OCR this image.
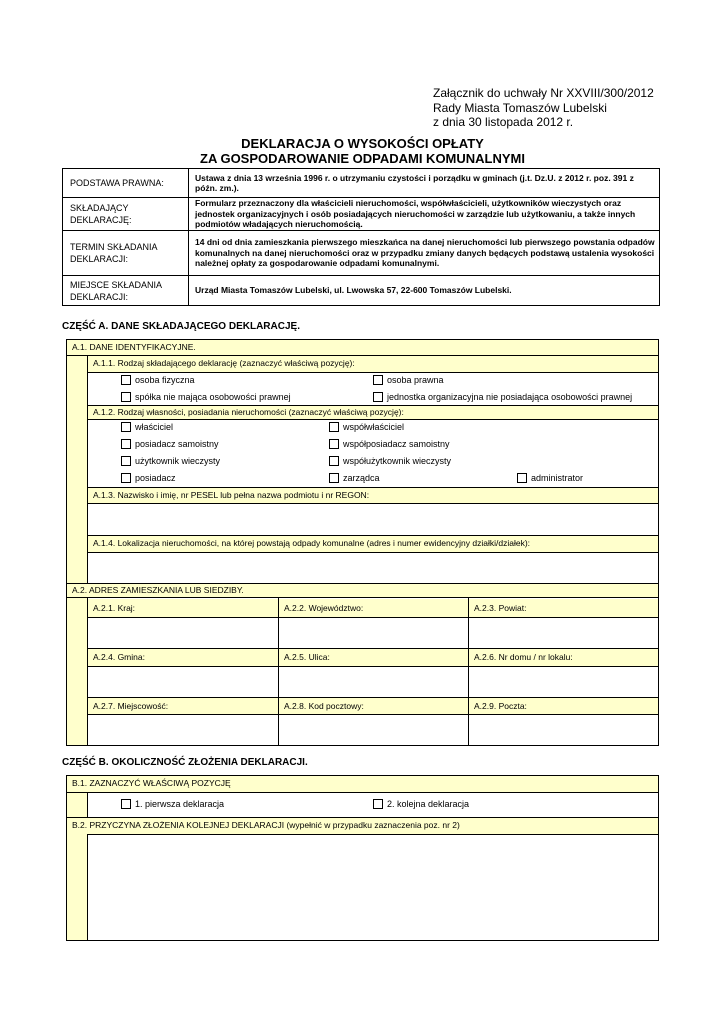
Załącznik do uchwały Nr XXVIII/300/2012
Rady Miasta Tomaszów Lubelski
z dnia 30 listopada 2012 r.
DEKLARACJA O WYSOKOŚCI OPŁATY
ZA GOSPODAROWANIE ODPADAMI KOMUNALNYMI
PODSTAWA PRAWNA:	Ustawa z dnia 13 września 1996 r. o utrzymaniu czystości i porządku w gminach (j.t. Dz.U. z 2012 r. poz. 391 z późn. zm.).

SKŁADAJĄCY
DEKLARACJĘ:	Formularz przeznaczony dla właścicieli nieruchomości, współwłaścicieli, użytkowników wieczystych oraz jednostek organizacyjnych i osób posiadających nieruchomości w zarządzie lub użytkowaniu, a także innych podmiotów władających nieruchomością.

TERMIN SKŁADANIA
DEKLARACJI:	14 dni od dnia zamieszkania pierwszego mieszkańca na danej nieruchomości lub pierwszego powstania odpadów komunalnych na danej nieruchomości oraz w przypadku zmiany danych będących podstawą ustalenia wysokości należnej opłaty za gospodarowanie odpadami komunalnymi.

MIEJSCE SKŁADANIA
DEKLARACJI:	Urząd Miasta Tomaszów Lubelski, ul. Lwowska 57, 22-600 Tomaszów Lubelski.
CZĘŚĆ A. DANE SKŁADAJĄCEGO DEKLARACJĘ.
A.1. DANE IDENTYFIKACYJNE.
A.1.1. Rodzaj składającego deklarację (zaznaczyć właściwą pozycję):
osoba fizyczna	osoba prawna
spółka nie mająca osobowości prawnej	jednostka organizacyjna nie posiadająca osobowości prawnej
A.1.2. Rodzaj własności, posiadania nieruchomości (zaznaczyć właściwą pozycję):
właściciel	współwłaściciel
posiadacz samoistny	współposiadacz samoistny
użytkownik wieczysty	współużytkownik wieczysty
posiadacz	zarządca	administrator
A.1.3. Nazwisko i imię, nr PESEL lub pełna nazwa podmiotu i nr REGON:
A.1.4. Lokalizacja nieruchomości, na której powstają odpady komunalne (adres i numer ewidencyjny działki/działek):
A.2. ADRES ZAMIESZKANIA LUB SIEDZIBY.
A.2.1. Kraj:	A.2.2. Województwo:	A.2.3. Powiat:
A.2.4. Gmina:	A.2.5. Ulica:	A.2.6. Nr domu / nr lokalu:
A.2.7. Miejscowość:	A.2.8. Kod pocztowy:	A.2.9. Poczta:
CZĘŚĆ B. OKOLICZNOŚĆ ZŁOŻENIA DEKLARACJI.
B.1. ZAZNACZYĆ WŁAŚCIWĄ POZYCJĘ
1. pierwsza deklaracja	2. kolejna deklaracja
B.2. PRZYCZYNA ZŁOŻENIA KOLEJNEJ DEKLARACJI (wypełnić w przypadku zaznaczenia poz. nr 2)
